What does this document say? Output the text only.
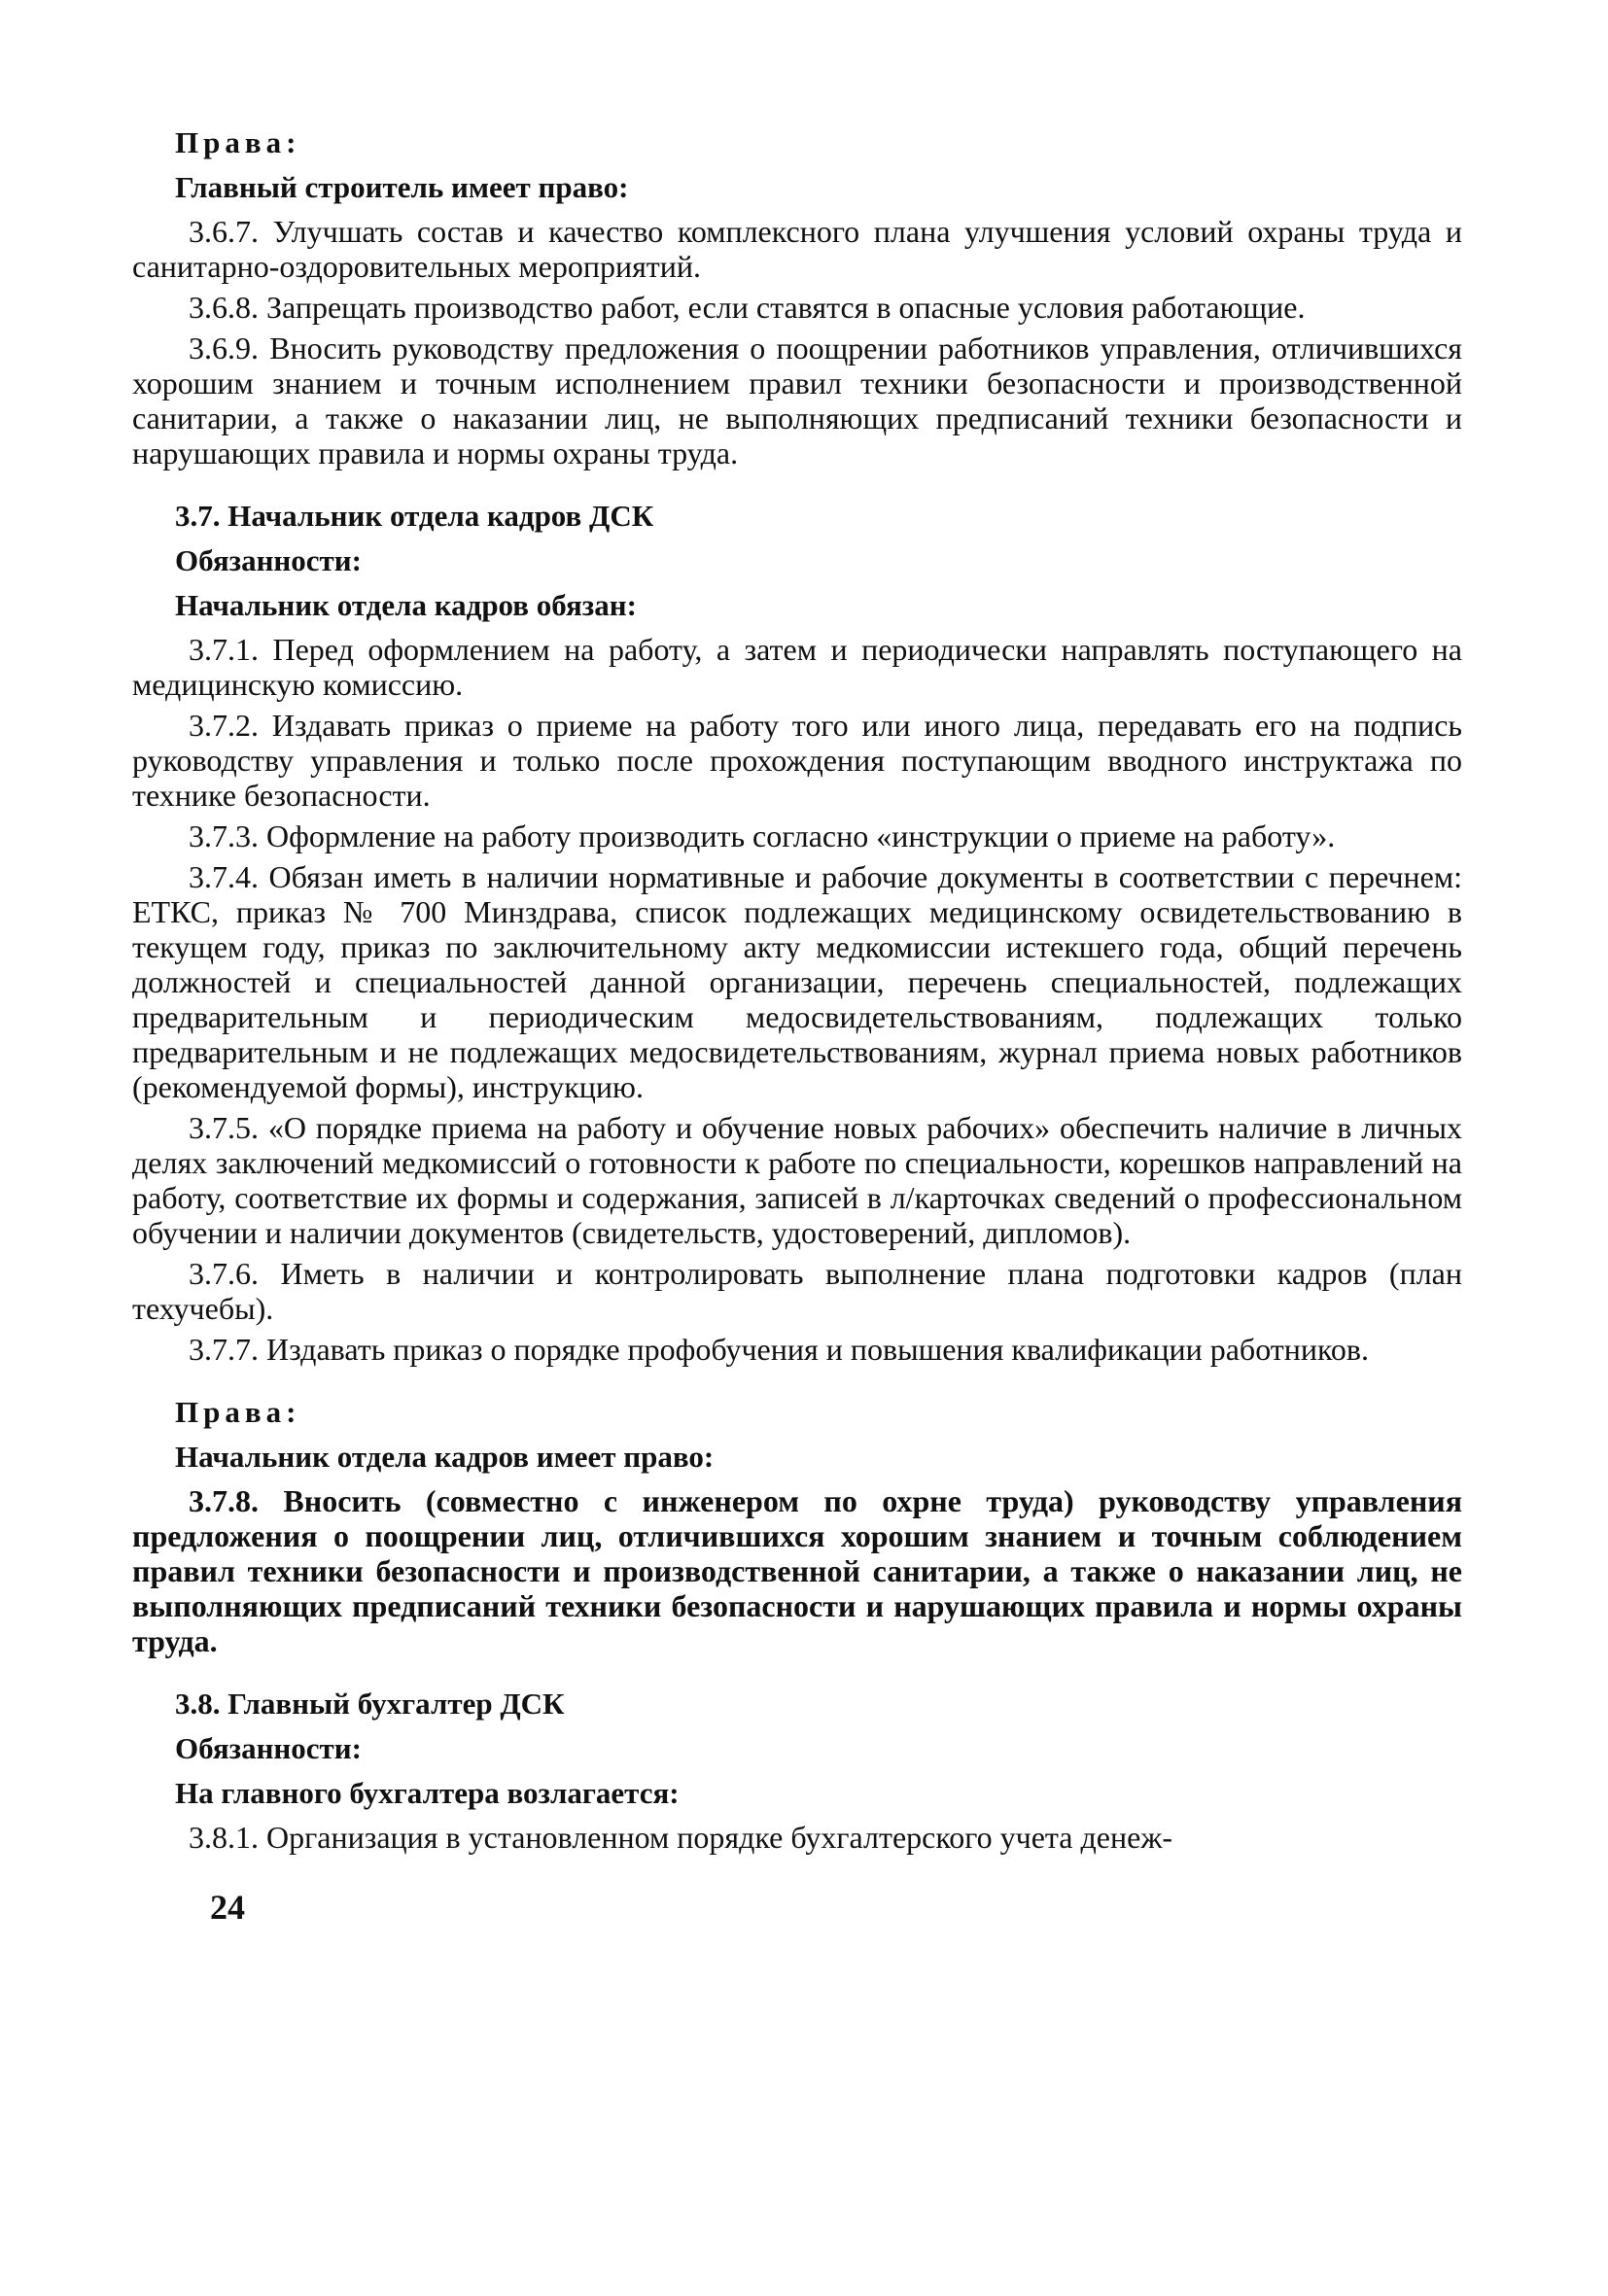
Права:
Главный строитель имеет право:

3.6.7. Улучшать состав и качество комплексного плана улучшения условий охраны труда и санитарно-оздоровительных мероприятий.

3.6.8. Запрещать производство работ, если ставятся в опасные условия работающие.

3.6.9. Вносить руководству предложения о поощрении работников управления, отличившихся хорошим знанием и точным исполнением правил техники безопасности и производственной санитарии, а также о наказании лиц, не выполняющих предписаний техники безопасности и нарушающих правила и нормы охраны труда.

3.7. Начальник отдела кадров ДСК
Обязанности:
Начальник отдела кадров обязан:

3.7.1. Перед оформлением на работу, а затем и периодически направлять поступающего на медицинскую комиссию.

3.7.2. Издавать приказ о приеме на работу того или иного лица, передавать его на подпись руководству управления и только после прохождения поступающим вводного инструктажа по технике безопасности.

3.7.3. Оформление на работу производить согласно «инструкции о приеме на работу».

3.7.4. Обязан иметь в наличии нормативные и рабочие документы в соответствии с перечнем: ЕТКС, приказ № 700 Минздрава, список подлежащих медицинскому освидетельствованию в текущем году, приказ по заключительному акту медкомиссии истекшего года, общий перечень должностей и специальностей данной организации, перечень специальностей, подлежащих предварительным и периодическим медосвидетельствованиям, подлежащих только предварительным и не подлежащих медосвидетельствованиям, журнал приема новых работников (рекомендуемой формы), инструкцию.

3.7.5. «О порядке приема на работу и обучение новых рабочих» обеспечить наличие в личных делях заключений медкомиссий о готовности к работе по специальности, корешков направлений на работу, соответствие их формы и содержания, записей в л/карточках сведений о профессиональном обучении и наличии документов (свидетельств, удостоверений, дипломов).

3.7.6. Иметь в наличии и контролировать выполнение плана подготовки кадров (план техучебы).

3.7.7. Издавать приказ о порядке профобучения и повышения квалификации работников.

Права:
Начальник отдела кадров имеет право:

3.7.8. Вносить (совместно с инженером по охрне труда) руководству управления предложения о поощрении лиц, отличившихся хорошим знанием и точным соблюдением правил техники безопасности и производственной санитарии, а также о наказании лиц, не выполняющих предписаний техники безопасности и нарушающих правила и нормы охраны труда.

3.8. Главный бухгалтер ДСК
Обязанности:
На главного бухгалтера возлагается:

3.8.1. Организация в установленном порядке бухгалтерского учета денеж-

24
